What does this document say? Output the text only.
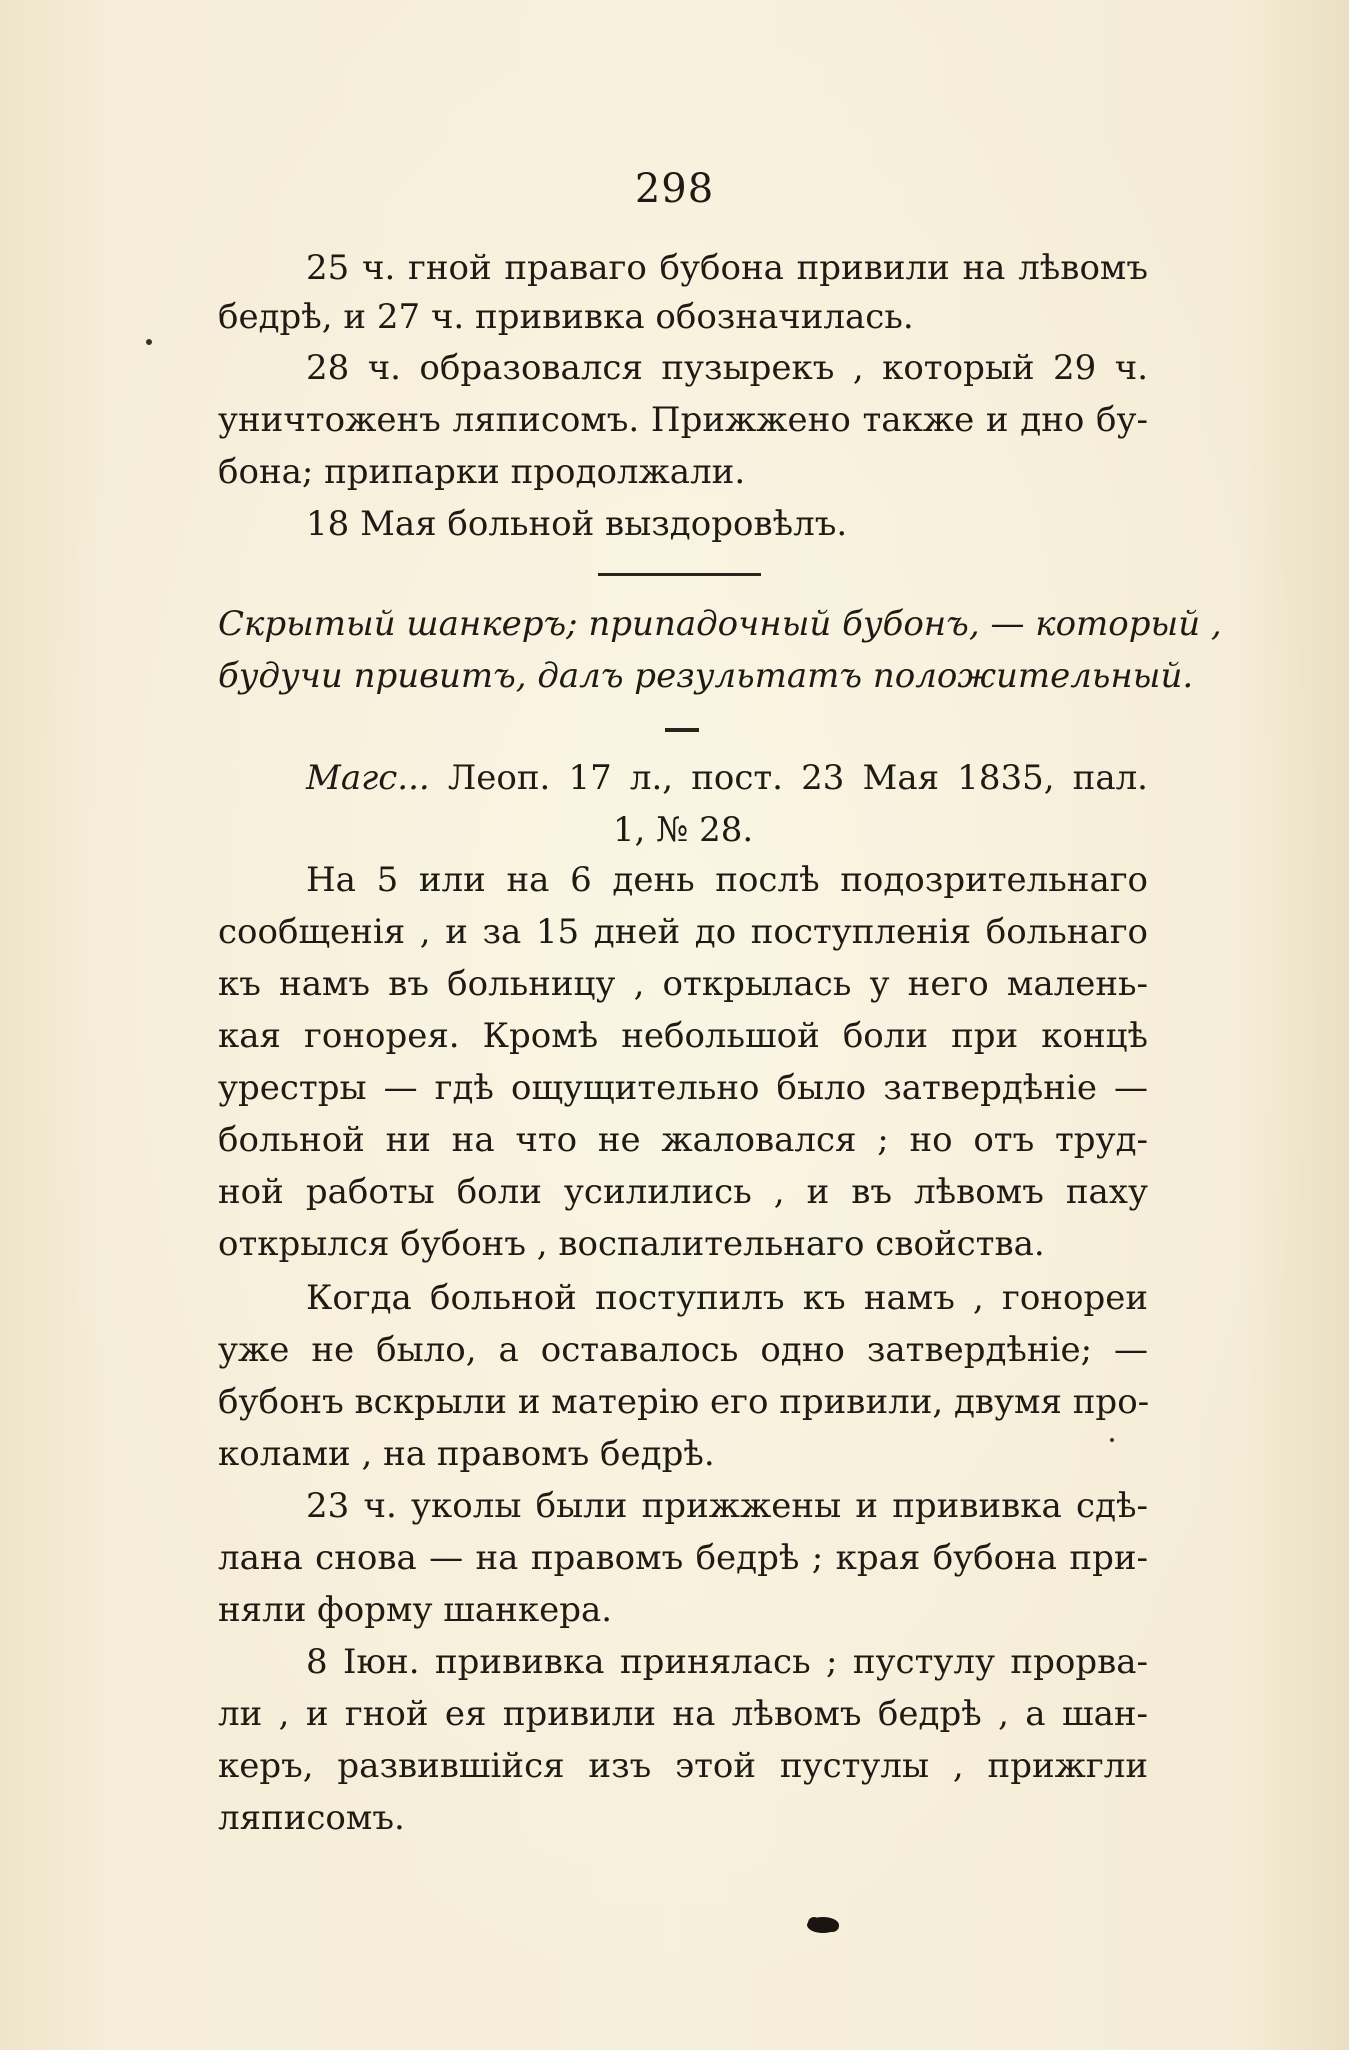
298
25 ч. гной праваго бубона привили на лѣвомъ
бедрѣ, и 27 ч. прививка обозначилась.
28 ч. образовался пузырекъ , который 29 ч.
уничтоженъ ляписомъ. Прижжено также и дно бу-
бона; припарки продолжали.
18 Мая больной выздоровѣлъ.
Скрытый шанкеръ; припадочный бубонъ, — который ,
будучи привитъ, далъ результатъ положительный.
Магс... Леоп. 17 л., пост. 23 Мая 1835, пал.
1, № 28.
На 5 или на 6 день послѣ подозрительнаго
сообщенія , и за 15 дней до поступленія больнаго
къ намъ въ больницу , открылась у него малень-
кая гонорея. Кромѣ небольшой боли при концѣ
урестры — гдѣ ощущительно было затвердѣніе —
больной ни на что не жаловался ; но отъ труд-
ной работы боли усилились , и въ лѣвомъ паху
открылся бубонъ , воспалительнаго свойства.
Когда больной поступилъ къ намъ , гонореи
уже не было, а оставалось одно затвердѣніе; —
бубонъ вскрыли и матерію его привили, двумя про-
колами , на правомъ бедрѣ.
23 ч. уколы были прижжены и прививка сдѣ-
лана снова — на правомъ бедрѣ ; края бубона при-
няли форму шанкера.
8 Іюн. прививка принялась ; пустулу прорва-
ли , и гной ея привили на лѣвомъ бедрѣ , а шан-
керъ, развившійся изъ этой пустулы , прижгли
ляписомъ.
